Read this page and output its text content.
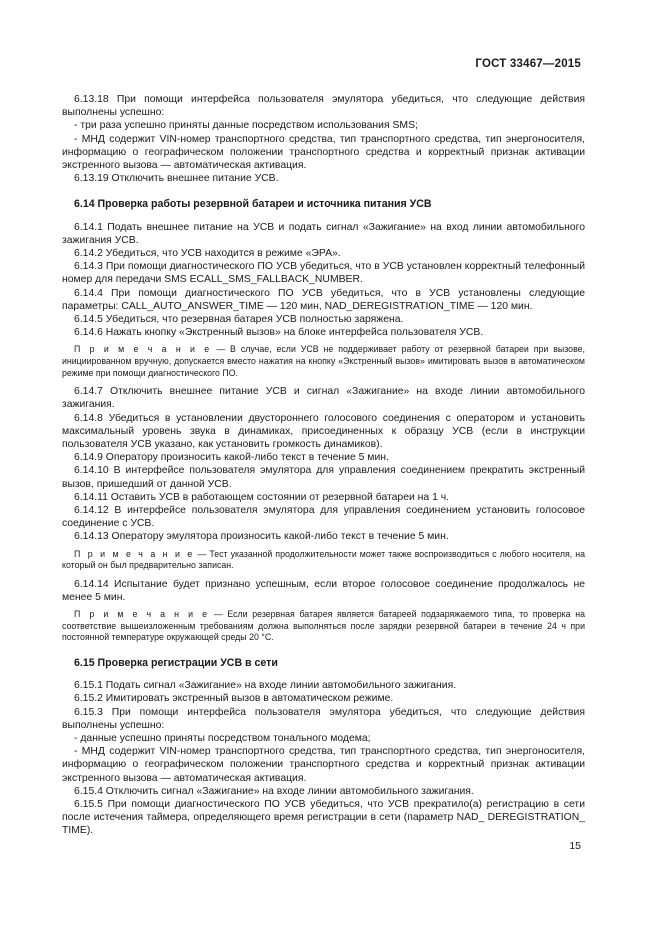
ГОСТ 33467—2015

6.13.18 При помощи интерфейса пользователя эмулятора убедиться, что следующие действия выполнены успешно:

- три раза успешно приняты данные посредством использования SMS;

- МНД содержит VIN-номер транспортного средства, тип транспортного средства, тип энергоносителя, информацию о географическом положении транспортного средства и корректный признак активации экстренного вызова — автоматическая активация.

6.13.19 Отключить внешнее питание УСВ.

6.14 Проверка работы резервной батареи и источника питания УСВ

6.14.1 Подать внешнее питание на УСВ и подать сигнал «Зажигание» на вход линии автомобильного зажигания УСВ.

6.14.2 Убедиться, что УСВ находится в режиме «ЭРА».

6.14.3 При помощи диагностического ПО УСВ убедиться, что в УСВ установлен корректный телефонный номер для передачи SMS ECALL_SMS_FALLBACK_NUMBER.

6.14.4 При помощи диагностического ПО УСВ убедиться, что в УСВ установлены следующие параметры: CALL_AUTO_ANSWER_TIME — 120 мин, NAD_DEREGISTRATION_TIME — 120 мин.

6.14.5 Убедиться, что резервная батарея УСВ полностью заряжена.

6.14.6 Нажать кнопку «Экстренный вызов» на блоке интерфейса пользователя УСВ.

П р и м е ч а н и е — В случае, если УСВ не поддерживает работу от резервной батареи при вызове, инициированном вручную, допускается вместо нажатия на кнопку «Экстренный вызов» имитировать вызов в автоматическом режиме при помощи диагностического ПО.

6.14.7 Отключить внешнее питание УСВ и сигнал «Зажигание» на входе линии автомобильного зажигания.

6.14.8 Убедиться в установлении двустороннего голосового соединения с оператором и установить максимальный уровень звука в динамиках, присоединенных к образцу УСВ (если в инструкции пользователя УСВ указано, как установить громкость динамиков).

6.14.9 Оператору произносить какой-либо текст в течение 5 мин.

6.14.10 В интерфейсе пользователя эмулятора для управления соединением прекратить экстренный вызов, пришедший от данной УСВ.

6.14.11 Оставить УСВ в работающем состоянии от резервной батареи на 1 ч.

6.14.12 В интерфейсе пользователя эмулятора для управления соединением установить голосовое соединение с УСВ.

6.14.13 Оператору эмулятора произносить какой-либо текст в течение 5 мин.

П р и м е ч а н и е — Тест указанной продолжительности может также воспроизводиться с любого носителя, на который он был предварительно записан.

6.14.14 Испытание будет признано успешным, если второе голосовое соединение продолжалось не менее 5 мин.

П р и м е ч а н и е — Если резервная батарея является батареей подзаряжаемого типа, то проверка на соответствие вышеизложенным требованиям должна выполняться после зарядки резервной батареи в течение 24 ч при постоянной температуре окружающей среды 20 °С.

6.15 Проверка регистрации УСВ в сети

6.15.1 Подать сигнал «Зажигание» на входе линии автомобильного зажигания.

6.15.2 Имитировать экстренный вызов в автоматическом режиме.

6.15.3 При помощи интерфейса пользователя эмулятора убедиться, что следующие действия выполнены успешно:

- данные успешно приняты посредством тонального модема;

- МНД содержит VIN-номер транспортного средства, тип транспортного средства, тип энергоносителя, информацию о географическом положении транспортного средства и корректный признак активации экстренного вызова — автоматическая активация.

6.15.4 Отключить сигнал «Зажигание» на входе линии автомобильного зажигания.

6.15.5 При помощи диагностического ПО УСВ убедиться, что УСВ прекратило(а) регистрацию в сети после истечения таймера, определяющего время регистрации в сети (параметр NAD_ DEREGISTRATION_ TIME).

15
